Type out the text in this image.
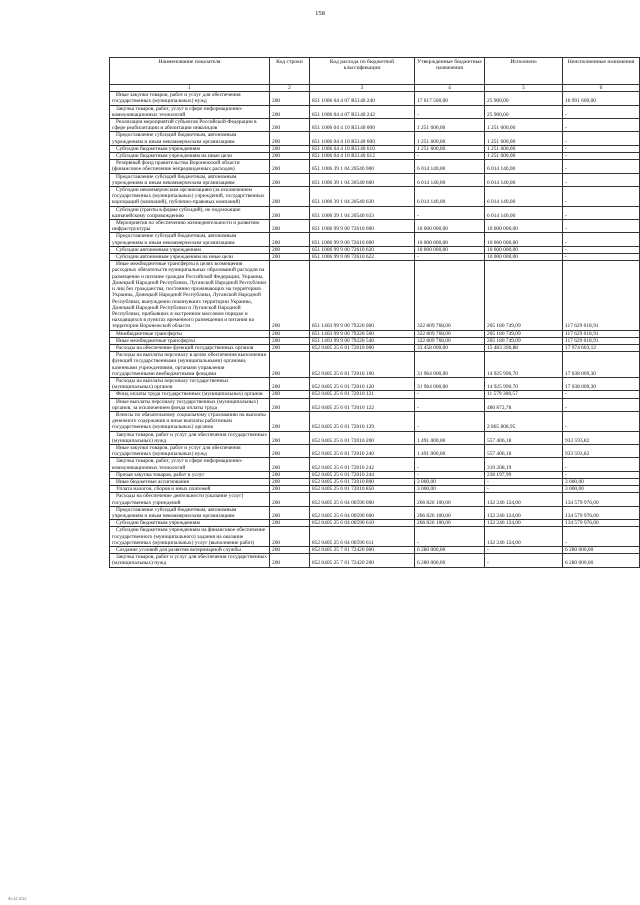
158
Наименование показателя	Код строки	Код расхода по бюджетной классификации	Утвержденные бюджетные назначения	Исполнено	Неисполненные назначения
1	2	3	4	5	6
Иные закупки товаров, работ и услуг для обеспечения государственных (муниципальных) нужд	200	851 1006 04 4 07 R5140 240	17 017 500,00	25 900,00	16 991 600,00
Закупка товаров, работ, услуг в сфере информационно-коммуникационных технологий	200	851 1006 04 4 07 R5140 242	-	25 900,00	-
Реализация мероприятий субъектов Российской Федерации в сфере реабилитации и абилитации инвалидов	200	851 1006 04 4 10 R5140 000	1 251 600,00	1 251 600,00	-
Предоставление субсидий бюджетным, автономным учреждениям и иным некоммерческим организациям	200	851 1006 04 4 10 R5140 600	1 251 600,00	1 251 600,00	-
Субсидии бюджетным учреждениям	200	851 1006 04 4 10 R5140 610	1 251 600,00	1 251 600,00	-
Субсидии бюджетным учреждениям на иные цели	200	851 1006 04 4 10 R5140 612	-	1 251 600,00	-
Резервный фонд правительства Воронежской области (финансовое обеспечение непредвиденных расходов)	200	851 1006 39 1 04 20540 000	6 014 140,00	6 014 140,00	-
Предоставление субсидий бюджетным, автономным учреждениям и иным некоммерческим организациям	200	851 1006 39 1 04 20540 600	6 014 140,00	6 014 140,00	-
Субсидии некоммерческим организациям (за исключением государственных (муниципальных) учреждений, государственных корпораций (компаний), публично-правовых компаний)	200	851 1006 39 1 04 20540 630	6 014 140,00	6 014 140,00	-
Субсидии (гранты в форме субсидий), не подлежащие казначейскому сопровождению	200	851 1006 39 1 04 20540 633	-	6 014 140,00	-
Мероприятия по обеспечению жизнедеятельности и развитию инфраструктуры	200	851 1006 99 9 00 72610 000	10 000 000,00	10 000 000,00	-
Предоставление субсидий бюджетным, автономным учреждениям и иным некоммерческим организациям	200	851 1006 99 9 00 72610 600	10 000 000,00	10 000 000,00	-
Субсидии автономным учреждениям	200	851 1006 99 9 00 72610 620	10 000 000,00	10 000 000,00	-
Субсидии автономным учреждениям на иные цели	200	851 1006 99 9 00 72610 622	-	10 000 000,00	-
Иные межбюджетные трансферты в целях возмещения расходных обязательств муниципальных образований расходов на размещение и питание граждан Российской Федерации, Украины, Донецкой Народной Республики, Луганской Народной Республики и лиц без гражданства, постоянно проживающих на территориях Украины, Донецкой Народной Республики, Луганской Народной Республики, вынужденно покинувших территории Украины, Донецкой Народной Республики и Луганской Народной Республики, прибывших в экстренном массовом порядке и находящихся в пунктах временного размещения и питания на территории Воронежской области	200	851 1403 99 9 00 79220 000	322 809 768,00	205 180 749,09	117 629 018,91
Межбюджетные трансферты	200	851 1403 99 9 00 79220 500	322 809 768,00	205 180 749,09	117 629 018,91
Иные межбюджетные трансферты	200	851 1403 99 9 00 79220 540	322 809 768,00	205 180 749,09	117 629 018,91
Расходы на обеспечение функций государственных органов	200	852 0405 25 6 01 72010 000	33 458 000,00	15 483 396,88	17 974 603,12
Расходы на выплаты персоналу в целях обеспечения выполнения функций государственными (муниципальными) органами, казенными учреждениями, органами управления государственными внебюджетными фондами	200	852 0405 25 6 01 72010 100	31 964 000,00	14 925 990,70	17 038 009,30
Расходы на выплаты персоналу государственных (муниципальных) органов	200	852 0405 25 6 01 72010 120	31 964 000,00	14 925 990,70	17 038 009,30
Фонд оплаты труда государственных (муниципальных) органов	200	852 0405 25 6 01 72010 121	-	11 579 308,57	-
Иные выплаты персоналу государственных (муниципальных) органов, за исключением фонда оплаты труда	200	852 0405 25 6 01 72010 122	-	480 872,78	-
Взносы по обязательному социальному страхованию на выплаты денежного содержания и иные выплаты работникам государственных (муниципальных) органов	200	852 0405 25 6 01 72010 129	-	2 865 808,95	-
Закупка товаров, работ и услуг для обеспечения государственных (муниципальных) нужд	200	852 0405 25 6 01 72010 200	1 491 000,00	557 406,18	933 593,82
Иные закупки товаров, работ и услуг для обеспечения государственных (муниципальных) нужд	200	852 0405 25 6 01 72010 240	1 491 000,00	557 406,18	933 593,82
Закупка товаров, работ, услуг в сфере информационно-коммуникационных технологий	200	852 0405 25 6 01 72010 242	-	319 208,19	-
Прочая закупка товаров, работ и услуг	200	852 0405 25 6 01 72010 244	-	238 197,99	-
Иные бюджетные ассигнования	200	852 0405 25 6 01 72010 800	3 000,00	-	3 000,00
Уплата налогов, сборов и иных платежей	200	852 0405 25 6 01 72010 850	3 000,00	-	3 000,00
Расходы на обеспечение деятельности (оказание услуг) государственных учреждений	200	852 0405 25 6 04 00590 000	266 826 100,00	132 246 124,00	134 579 976,00
Предоставление субсидий бюджетным, автономным учреждениям и иным некоммерческим организациям	200	852 0405 25 6 04 00590 600	266 826 100,00	132 246 124,00	134 579 976,00
Субсидии бюджетным учреждениям	200	852 0405 25 6 04 00590 610	266 826 100,00	132 246 124,00	134 579 976,00
Субсидии бюджетным учреждениям на финансовое обеспечение государственного (муниципального) задания на оказание государственных (муниципальных) услуг (выполнение работ)	200	852 0405 25 6 04 00590 611	-	132 246 124,00	-
Создание условий для развития ветеринарной службы	200	852 0405 25 7 01 72420 000	6 280 000,00	-	6 280 000,00
Закупка товаров, работ и услуг для обеспечения государственных (муниципальных) нужд	200	852 0405 25 7 01 72420 200	6 280 000,00	-	6 280 000,00
Фл.Ы.2022
